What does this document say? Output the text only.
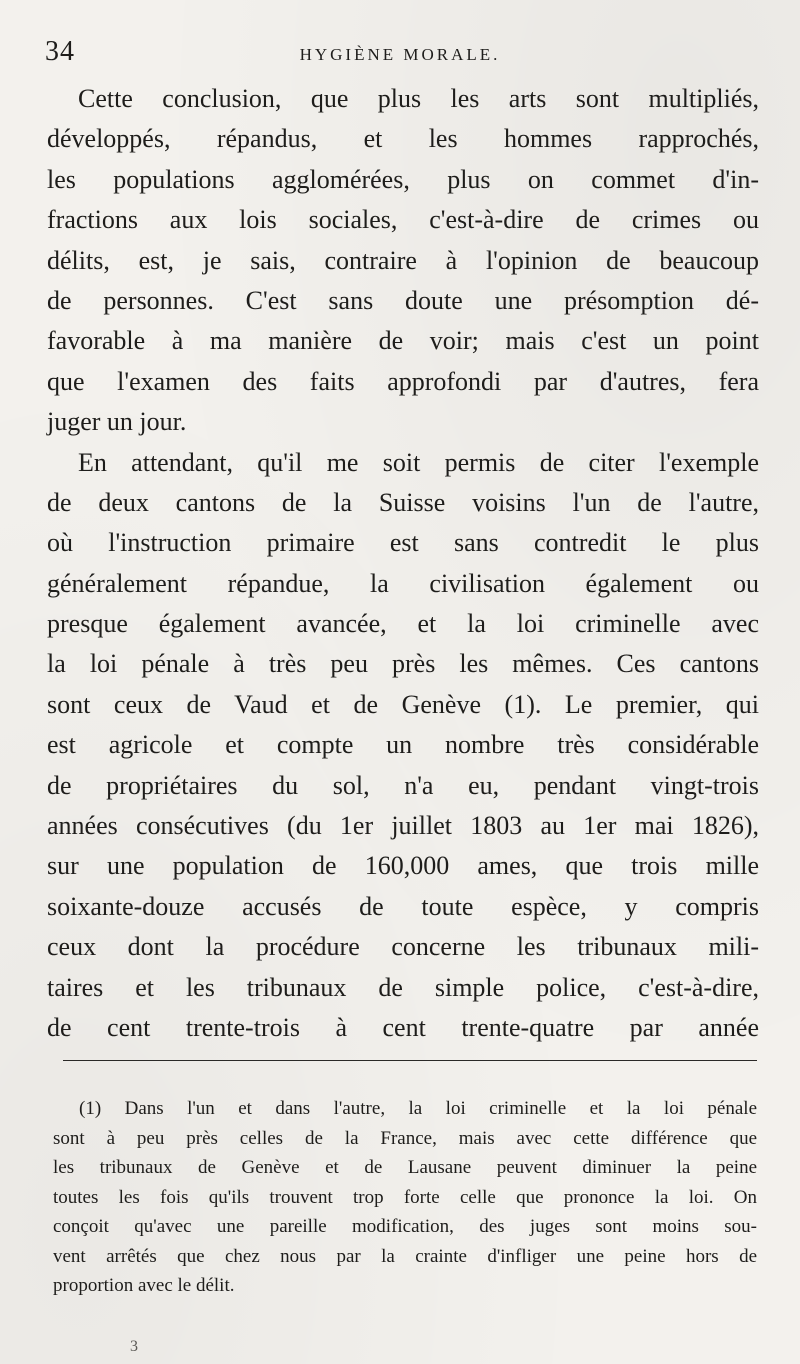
34	HYGIÈNE MORALE.
Cette conclusion, que plus les arts sont multipliés,
développés, répandus, et les hommes rapprochés,
les populations agglomérées, plus on commet d'in-
fractions aux lois sociales, c'est-à-dire de crimes ou
délits, est, je sais, contraire à l'opinion de beaucoup
de personnes. C'est sans doute une présomption dé-
favorable à ma manière de voir; mais c'est un point
que l'examen des faits approfondi par d'autres, fera
juger un jour.
En attendant, qu'il me soit permis de citer l'exemple
de deux cantons de la Suisse voisins l'un de l'autre,
où l'instruction primaire est sans contredit le plus
généralement répandue, la civilisation également ou
presque également avancée, et la loi criminelle avec
la loi pénale à très peu près les mêmes. Ces cantons
sont ceux de Vaud et de Genève (1). Le premier, qui
est agricole et compte un nombre très considérable
de propriétaires du sol, n'a eu, pendant vingt-trois
années consécutives (du 1er juillet 1803 au 1er mai 1826),
sur une population de 160,000 ames, que trois mille
soixante-douze accusés de toute espèce, y compris
ceux dont la procédure concerne les tribunaux mili-
taires et les tribunaux de simple police, c'est-à-dire,
de cent trente-trois à cent trente-quatre par année
(1) Dans l'un et dans l'autre, la loi criminelle et la loi pénale
sont à peu près celles de la France, mais avec cette différence que
les tribunaux de Genève et de Lausane peuvent diminuer la peine
toutes les fois qu'ils trouvent trop forte celle que prononce la loi. On
conçoit qu'avec une pareille modification, des juges sont moins sou-
vent arrêtés que chez nous par la crainte d'infliger une peine hors de
proportion avec le délit.
3
